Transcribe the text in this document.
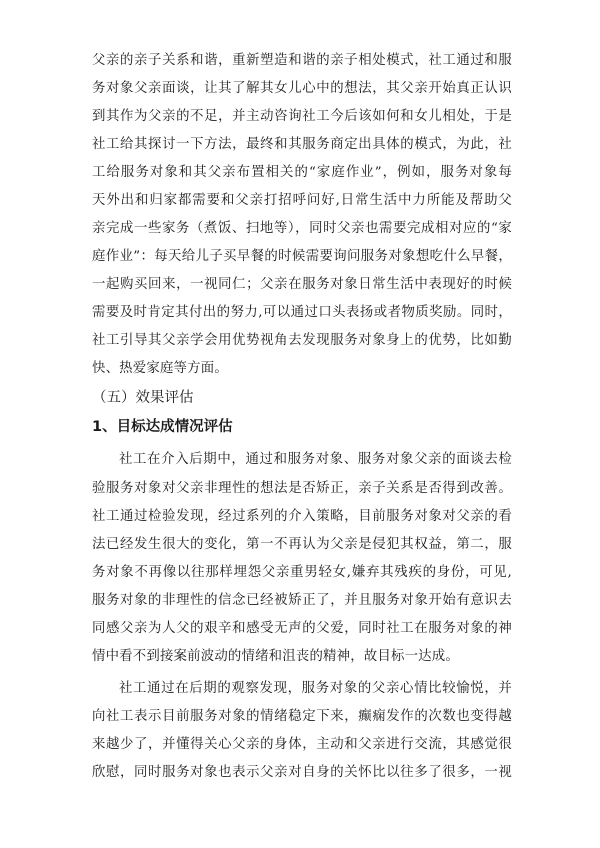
父亲的亲子关系和谐，重新塑造和谐的亲子相处模式，社工通过和服
务对象父亲面谈，让其了解其女儿心中的想法，其父亲开始真正认识
到其作为父亲的不足，并主动咨询社工今后该如何和女儿相处，于是
社工给其探讨一下方法，最终和其服务商定出具体的模式，为此，社
工给服务对象和其父亲布置相关的“家庭作业”，例如，服务对象每
天外出和归家都需要和父亲打招呼问好,日常生活中力所能及帮助父
亲完成一些家务（煮饭、扫地等），同时父亲也需要完成相对应的“家
庭作业”：每天给儿子买早餐的时候需要询问服务对象想吃什么早餐，
一起购买回来，一视同仁；父亲在服务对象日常生活中表现好的时候
需要及时肯定其付出的努力,可以通过口头表扬或者物质奖励。同时，
社工引导其父亲学会用优势视角去发现服务对象身上的优势，比如勤
快、热爱家庭等方面。
（五）效果评估
1、目标达成情况评估
社工在介入后期中，通过和服务对象、服务对象父亲的面谈去检
验服务对象对父亲非理性的想法是否矫正，亲子关系是否得到改善。
社工通过检验发现，经过系列的介入策略，目前服务对象对父亲的看
法已经发生很大的变化，第一不再认为父亲是侵犯其权益，第二，服
务对象不再像以往那样埋怨父亲重男轻女,嫌弃其残疾的身份，可见,
服务对象的非理性的信念已经被矫正了，并且服务对象开始有意识去
同感父亲为人父的艰辛和感受无声的父爱，同时社工在服务对象的神
情中看不到接案前波动的情绪和沮丧的精神，故目标一达成。
社工通过在后期的观察发现，服务对象的父亲心情比较愉悦，并
向社工表示目前服务对象的情绪稳定下来，癫痫发作的次数也变得越
来越少了，并懂得关心父亲的身体，主动和父亲进行交流，其感觉很
欣慰，同时服务对象也表示父亲对自身的关怀比以往多了很多，一视
